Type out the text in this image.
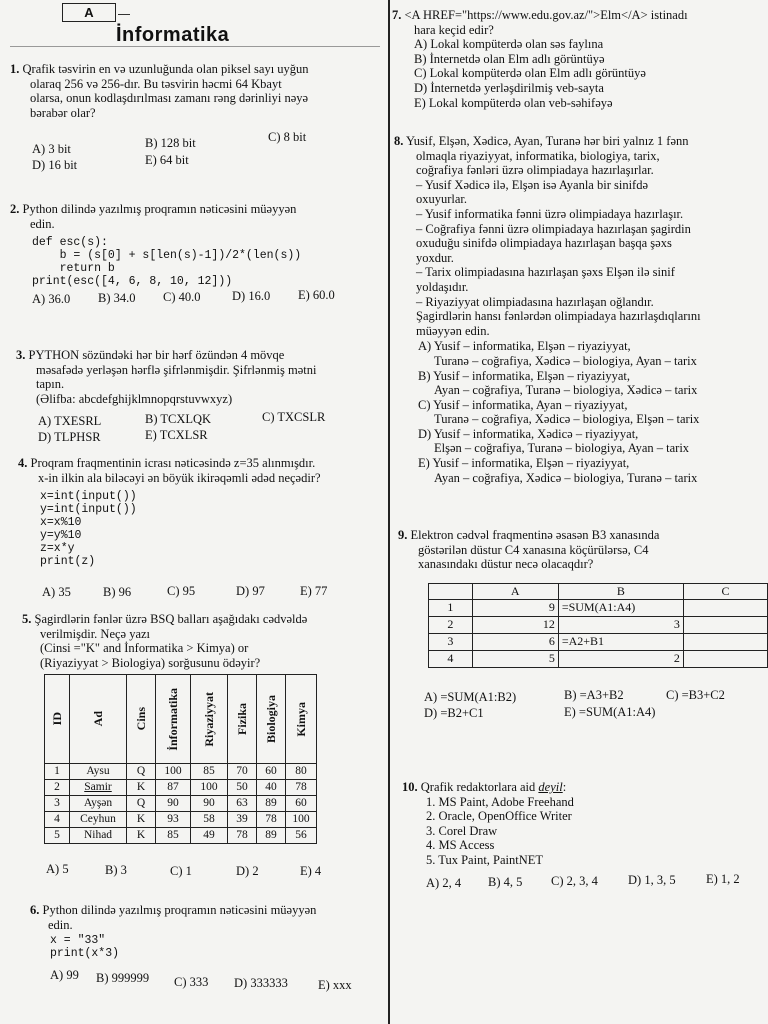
A
İnformatika
1. Qrafik təsvirin en və uzunluğunda olan piksel sayı uyğun
olaraq 256 və 256-dır. Bu təsvirin həcmi 64 Kbayt
olarsa, onun kodlaşdırılması zamanı rəng dərinliyi nəyə
bərabər olar?
A) 3 bit	B) 128 bit	C) 8 bit
D) 16 bit	E) 64 bit
2. Python dilində yazılmış proqramın nəticəsini müəyyən
edin.
def esc(s):
b = (s[0] + s[len(s)-1])/2*(len(s))
return b
print(esc([4, 6, 8, 10, 12]))
A) 36.0 B) 34.0 C) 40.0	D) 16.0 E) 60.0
3. PYTHON sözündəki hər bir hərf özündən 4 mövqe
məsafədə yerləşən hərflə şifrlənmişdir. Şifrlənmiş mətni
tapın.
(Əlifba: abcdefghijklmnopqrstuvwxyz)
A) TXESRL	B) TCXLQK	C) TXCSLR
D) TLPHSR	E) TCXLSR
4. Proqram fraqmentinin icrası nəticəsində z=35 alınmışdır.
x-in ilkin ala biləcəyi ən böyük ikirəqəmli ədəd neçədir?
x=int(input())
y=int(input())
x=x%10
y=y%10
z=x*y
print(z)
A) 35	B) 96	C) 95	D) 97	E) 77
5. Şagirdlərin fənlər üzrə BSQ balları aşağıdakı cədvəldə
verilmişdir. Neçə yazı
(Cinsi ="K" and İnformatika > Kimya) or
(Riyaziyyat > Biologiya) sorğusunu ödəyir?
ID	Ad	Cins	İnformatika	Riyaziyyat	Fizika	Biologiya	Kimya

1	Aysu	Q	100	85	70	60	80
2	Samir	K	87	100	50	40	78
3	Ayşən	Q	90	90	63	89	60
4	Ceyhun	K	93	58	39	78	100
5	Nihad	K	85	49	78	89	56
A) 5	B) 3	C) 1	D) 2	E) 4
6. Python dilində yazılmış proqramın nəticəsini müəyyən
edin.
x = "33"
print(x*3)
A) 99 B) 999999 C) 333 D) 333333 E) xxx
7. <A HREF="https://www.edu.gov.az/">Elm</A> istinadı
hara keçid edir?
A) Lokal kompüterdə olan səs faylına
B) İnternetdə olan Elm adlı görüntüyə
C) Lokal kompüterdə olan Elm adlı görüntüyə
D) İnternetdə yerləşdirilmiş veb-sayta
E) Lokal kompüterdə olan veb-səhifəyə
8. Yusif, Elşən, Xədicə, Ayan, Turanə hər biri yalnız 1 fənn
olmaqla riyaziyyat, informatika, biologiya, tarix,
coğrafiya fənləri üzrə olimpiadaya hazırlaşırlar.
– Yusif Xədicə ilə, Elşən isə Ayanla bir sinifdə
oxuyurlar.
– Yusif informatika fənni üzrə olimpiadaya hazırlaşır.
– Coğrafiya fənni üzrə olimpiadaya hazırlaşan şagirdin
oxuduğu sinifdə olimpiadaya hazırlaşan başqa şəxs
yoxdur.
– Tarix olimpiadasına hazırlaşan şəxs Elşən ilə sinif
yoldaşıdır.
– Riyaziyyat olimpiadasına hazırlaşan oğlandır.
Şagirdlərin hansı fənlərdən olimpiadaya hazırlaşdıqlarını
müəyyən edin.
A) Yusif – informatika, Elşən – riyaziyyat,
Turanə – coğrafiya, Xədicə – biologiya, Ayan – tarix
B) Yusif – informatika, Elşən – riyaziyyat,
Ayan – coğrafiya, Turanə – biologiya, Xədicə – tarix
C) Yusif – informatika, Ayan – riyaziyyat,
Turanə – coğrafiya, Xədicə – biologiya, Elşən – tarix
D) Yusif – informatika, Xədicə – riyaziyyat,
Elşən – coğrafiya, Turanə – biologiya, Ayan – tarix
E) Yusif – informatika, Elşən – riyaziyyat,
Ayan – coğrafiya, Xədicə – biologiya, Turanə – tarix
9. Elektron cədvəl fraqmentinə əsasən B3 xanasında
göstərilən düstur C4 xanasına köçürülərsə, C4
xanasındakı düstur necə olacaqdır?
	A	B	C
1	9	=SUM(A1:A4)	
2	12	3	
3	6	=A2+B1	
4	5	2	
A) =SUM(A1:B2)	B) =A3+B2	C) =B3+C2
D) =B2+C1	E) =SUM(A1:A4)
10. Qrafik redaktorlara aid deyil:
1. MS Paint, Adobe Freehand
2. Oracle, OpenOffice Writer
3. Corel Draw
4. MS Access
5. Tux Paint, PaintNET
A) 2, 4 B) 4, 5 C) 2, 3, 4 D) 1, 3, 5 E) 1, 2
